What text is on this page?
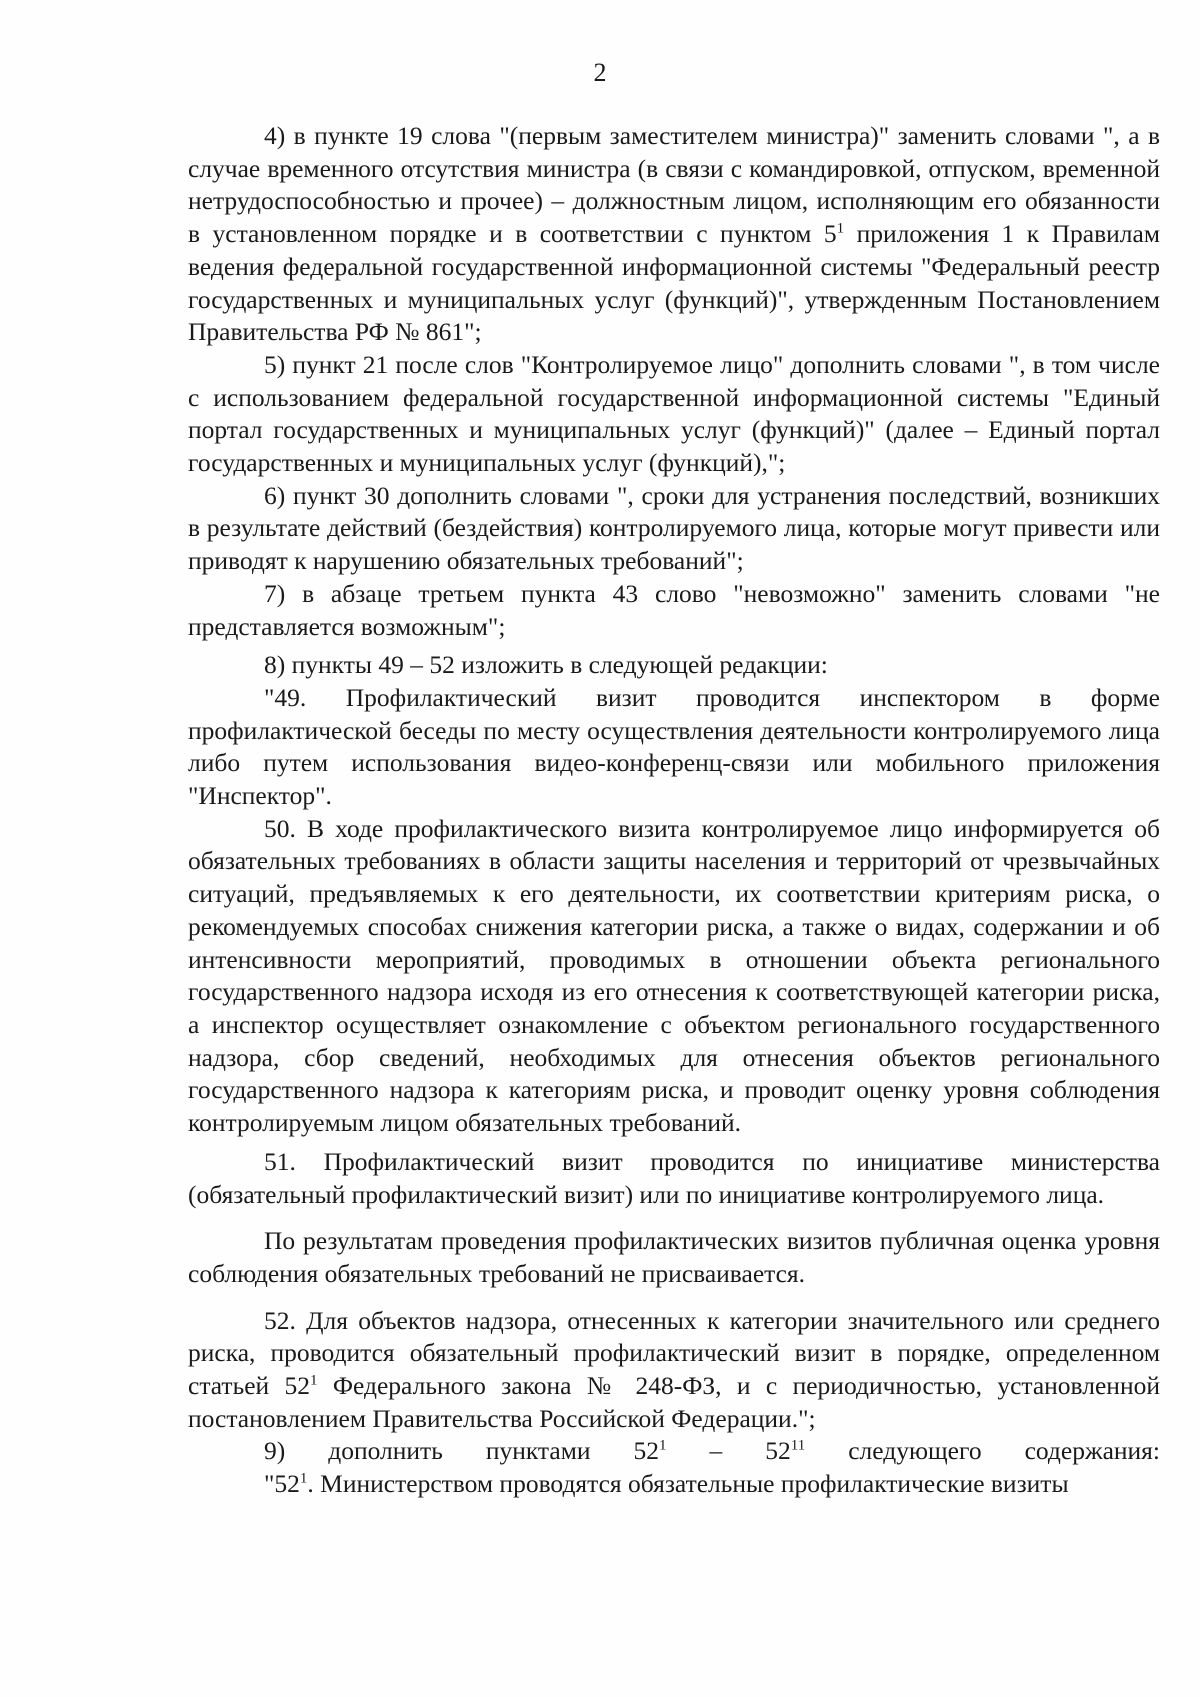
2

4) в пункте 19 слова "(первым заместителем министра)" заменить словами ", а в случае временного отсутствия министра (в связи с командировкой, отпуском, временной нетрудоспособностью и прочее) – должностным лицом, исполняющим его обязанности в установленном порядке и в соответствии с пунктом $5^1$ приложения 1 к Правилам ведения федеральной государственной информационной системы "Федеральный реестр государственных и муниципальных услуг (функций)", утвержденным Постановлением Правительства РФ № 861";

5) пункт 21 после слов "Контролируемое лицо" дополнить словами ", в том числе с использованием федеральной государственной информационной системы "Единый портал государственных и муниципальных услуг (функций)" (далее – Единый портал государственных и муниципальных услуг (функций),";

6) пункт 30 дополнить словами ", сроки для устранения последствий, возникших в результате действий (бездействия) контролируемого лица, которые могут привести или приводят к нарушению обязательных требований";

7) в абзаце третьем пункта 43 слово "невозможно" заменить словами "не представляется возможным";

8) пункты 49 – 52 изложить в следующей редакции:

"49. Профилактический визит проводится инспектором в форме профилактической беседы по месту осуществления деятельности контролируемого лица либо путем использования видео-конференц-связи или мобильного приложения "Инспектор".

50. В ходе профилактического визита контролируемое лицо информируется об обязательных требованиях в области защиты населения и территорий от чрезвычайных ситуаций, предъявляемых к его деятельности, их соответствии критериям риска, о рекомендуемых способах снижения категории риска, а также о видах, содержании и об интенсивности мероприятий, проводимых в отношении объекта регионального государственного надзора исходя из его отнесения к соответствующей категории риска, а инспектор осуществляет ознакомление с объектом регионального государственного надзора, сбор сведений, необходимых для отнесения объектов регионального государственного надзора к категориям риска, и проводит оценку уровня соблюдения контролируемым лицом обязательных требований.

51. Профилактический визит проводится по инициативе министерства (обязательный профилактический визит) или по инициативе контролируемого лица.

По результатам проведения профилактических визитов публичная оценка уровня соблюдения обязательных требований не присваивается.

52. Для объектов надзора, отнесенных к категории значительного или среднего риска, проводится обязательный профилактический визит в порядке, определенном статьей $52^1$ Федерального закона № 248-ФЗ, и с периодичностью, установленной постановлением Правительства Российской Федерации.";

9) дополнить пунктами $52^1 - 52^{11}$ следующего содержания:

"$52^1$. Министерством проводятся обязательные профилактические визиты
